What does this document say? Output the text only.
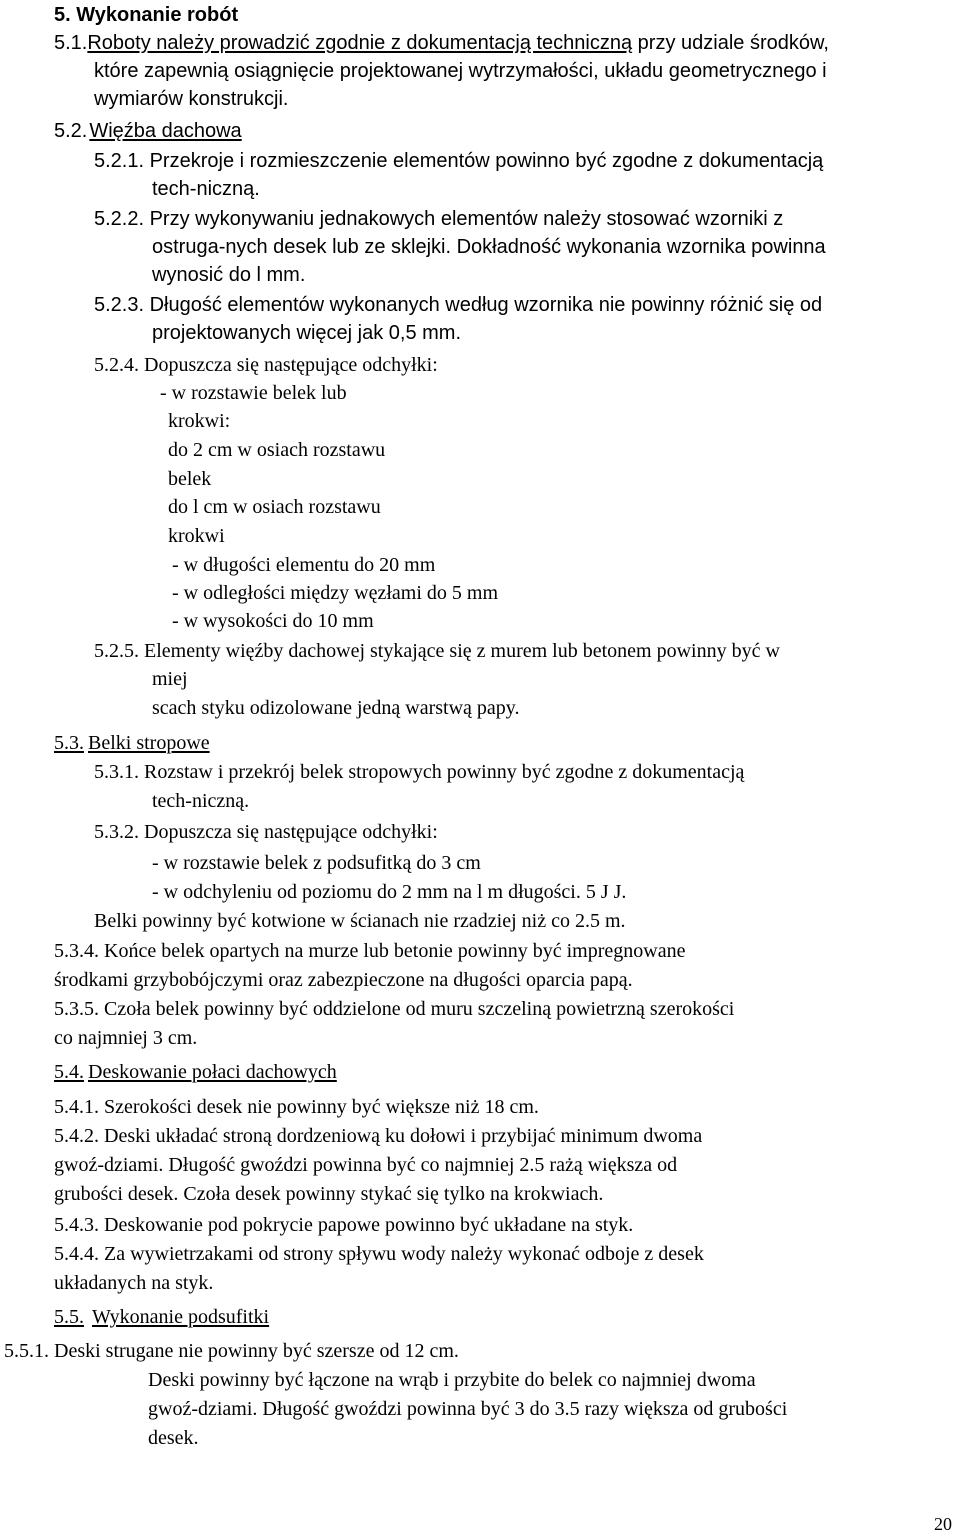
5. Wykonanie robót
5.1.Roboty należy prowadzić zgodnie z dokumentacją techniczną przy udziale środków,
które zapewnią osiągnięcie projektowanej wytrzymałości, układu geometrycznego i
wymiarów konstrukcji.
5.2. Więźba dachowa
5.2.1. Przekroje i rozmieszczenie elementów powinno być zgodne z dokumentacją
tech-niczną.
5.2.2. Przy wykonywaniu jednakowych elementów należy stosować wzorniki z
ostruga-nych desek lub ze sklejki. Dokładność wykonania wzornika powinna
wynosić do l mm.
5.2.3. Długość elementów wykonanych według wzornika nie powinny różnić się od
projektowanych więcej jak 0,5 mm.
5.2.4. Dopuszcza się następujące odchyłki:
- w rozstawie belek lub
krokwi:
do 2 cm w osiach rozstawu
belek
do l cm w osiach rozstawu
krokwi
- w długości elementu do 20 mm
- w odległości między węzłami do 5 mm
- w wysokości do 10 mm
5.2.5. Elementy więźby dachowej stykające się z murem lub betonem powinny być w
miej
scach styku odizolowane jedną warstwą papy.
5.3. Belki stropowe
5.3.1. Rozstaw i przekrój belek stropowych powinny być zgodne z dokumentacją
tech-niczną.
5.3.2. Dopuszcza się następujące odchyłki:
- w rozstawie belek z podsufitką do 3 cm
- w odchyleniu od poziomu do 2 mm na l m długości. 5 J J.
Belki powinny być kotwione w ścianach nie rzadziej niż co 2.5 m.
5.3.4. Końce belek opartych na murze lub betonie powinny być impregnowane
środkami grzybobójczymi oraz zabezpieczone na długości oparcia papą.
5.3.5. Czoła belek powinny być oddzielone od muru szczeliną powietrzną szerokości
co najmniej 3 cm.
5.4. Deskowanie połaci dachowych
5.4.1. Szerokości desek nie powinny być większe niż 18 cm.
5.4.2. Deski układać stroną dordzeniową ku dołowi i przybijać minimum dwoma
gwoź-dziami. Długość gwoździ powinna być co najmniej 2.5 rażą większa od
grubości desek. Czoła desek powinny stykać się tylko na krokwiach.
5.4.3. Deskowanie pod pokrycie papowe powinno być układane na styk.
5.4.4. Za wywietrzakami od strony spływu wody należy wykonać odboje z desek
układanych na styk.
5.5. Wykonanie podsufitki
5.5.1. Deski strugane nie powinny być szersze od 12 cm.
Deski powinny być łączone na wrąb i przybite do belek co najmniej dwoma
gwoź-dziami. Długość gwoździ powinna być 3 do 3.5 razy większa od grubości
desek.
20
